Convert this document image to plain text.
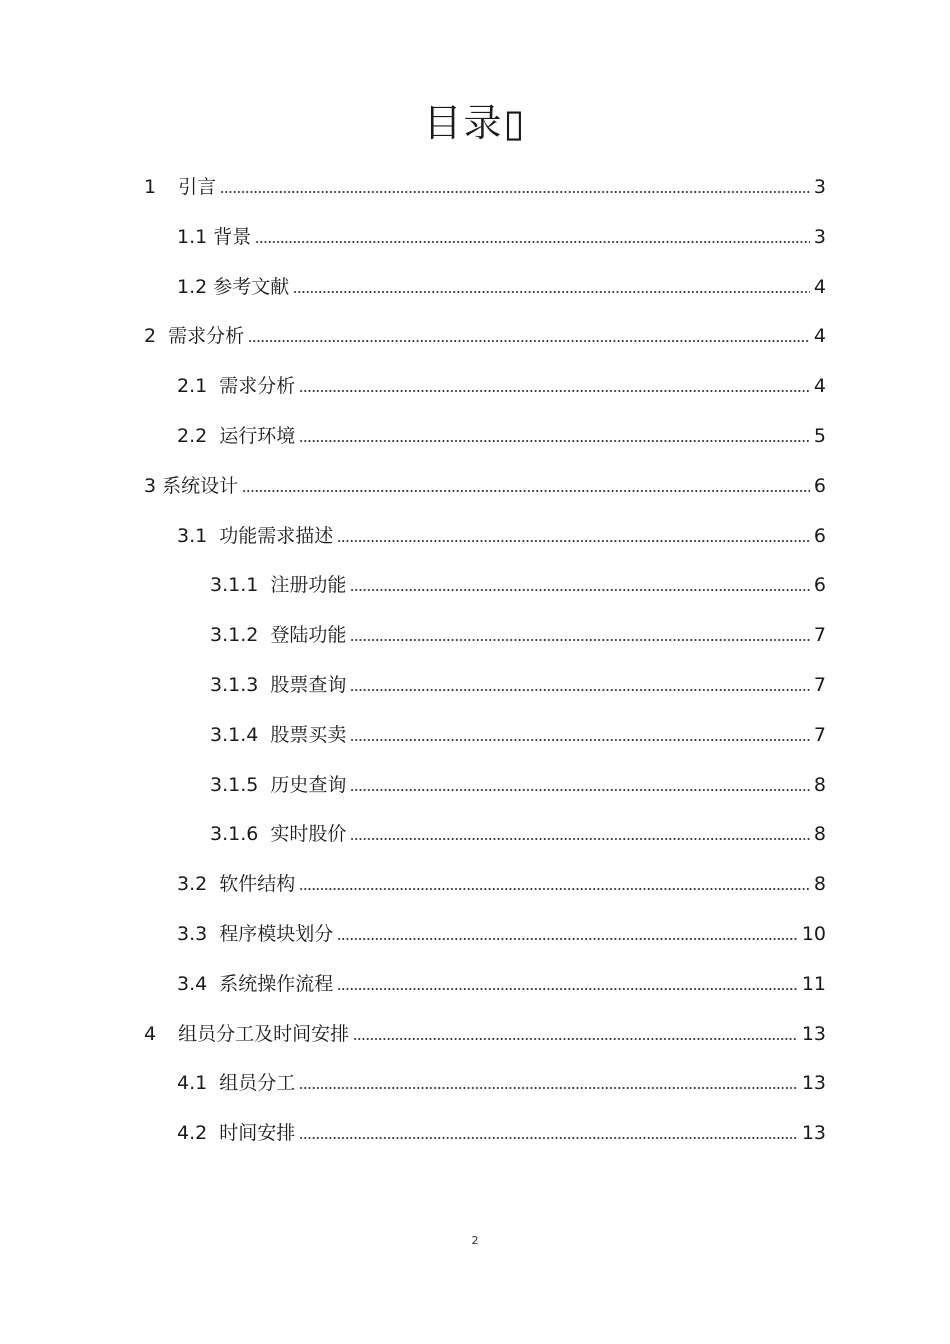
目录▯
1 引言	3
1.1 背景	3
1.2 参考文献	4
2 需求分析	4
2.1 需求分析	4
2.2 运行环境	5
3 系统设计	6
3.1 功能需求描述	6
3.1.1 注册功能	6
3.1.2 登陆功能	7
3.1.3 股票查询	7
3.1.4 股票买卖	7
3.1.5 历史查询	8
3.1.6 实时股价	8
3.2 软件结构	8
3.3 程序模块划分	10
3.4 系统操作流程	11
4 组员分工及时间安排	13
4.1 组员分工	13
4.2 时间安排	13
2
